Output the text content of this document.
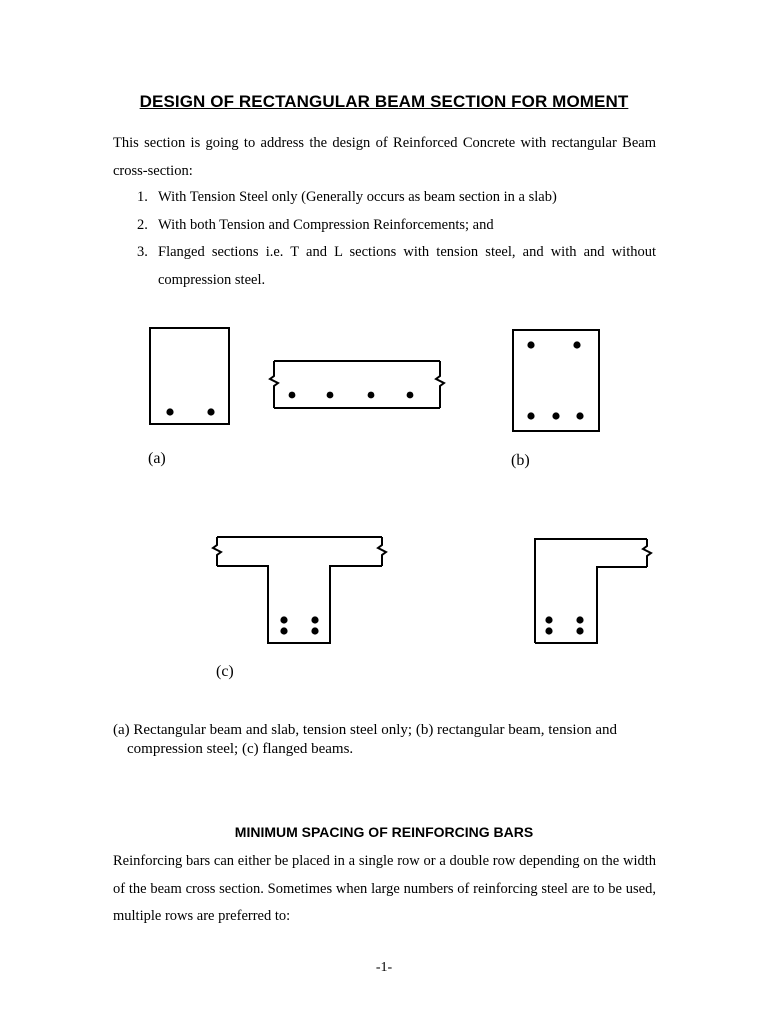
DESIGN OF RECTANGULAR BEAM SECTION FOR MOMENT
This section is going to address the design of Reinforced Concrete with rectangular Beam cross-section:
1. With Tension Steel only (Generally occurs as beam section in a slab)
2. With both Tension and Compression Reinforcements; and
3. Flanged sections i.e. T and L sections with tension steel, and with and without compression steel.
(a)	(b)
(c)
(a) Rectangular beam and slab, tension steel only; (b) rectangular beam, tension and
compression steel; (c) flanged beams.
MINIMUM SPACING OF REINFORCING BARS
Reinforcing bars can either be placed in a single row or a double row depending on the width of the beam cross section. Sometimes when large numbers of reinforcing steel are to be used, multiple rows are preferred to:
-1-
